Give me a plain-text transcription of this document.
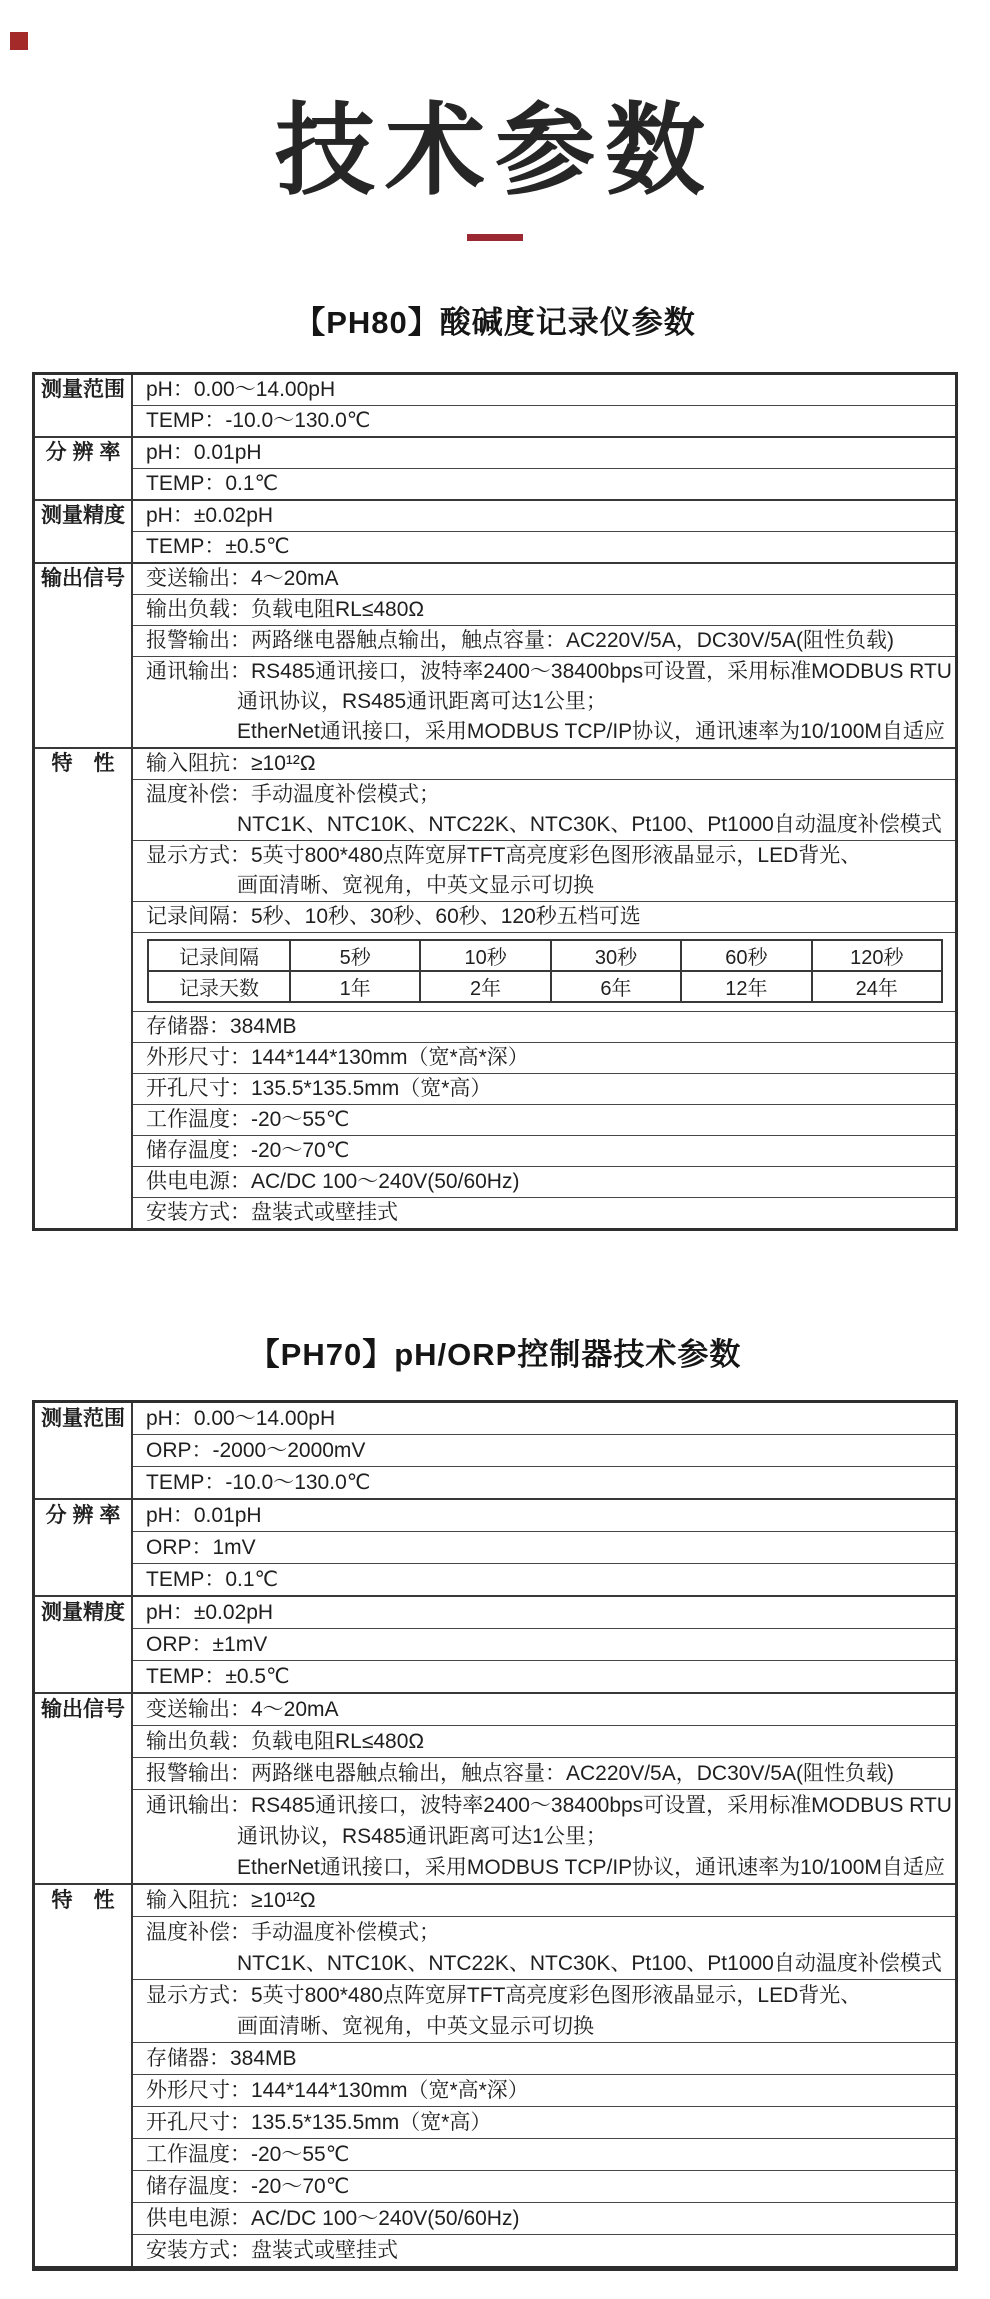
技术参数
【PH80】酸碱度记录仪参数
测量范围	pH：0.00～14.00pH
TEMP：-10.0～130.0℃
分 辨 率	pH：0.01pH
TEMP：0.1℃
测量精度	pH：±0.02pH
TEMP：±0.5℃
输出信号	变送输出：4～20mA
输出负载：负载电阻RL≤480Ω
报警输出：两路继电器触点输出，触点容量：AC220V/5A，DC30V/5A(阻性负载)
通讯输出：RS485通讯接口，波特率2400～38400bps可设置，采用标准MODBUS RTU
通讯协议，RS485通讯距离可达1公里；
EtherNet通讯接口，采用MODBUS TCP/IP协议，通讯速率为10/100M自适应
特　性	输入阻抗：≥10¹²Ω
温度补偿：手动温度补偿模式；
NTC1K、NTC10K、NTC22K、NTC30K、Pt100、Pt1000自动温度补偿模式
显示方式：5英寸800*480点阵宽屏TFT高亮度彩色图形液晶显示，LED背光、
画面清晰、宽视角，中英文显示可切换
记录间隔：5秒、10秒、30秒、60秒、120秒五档可选
记录间隔	5秒	10秒	30秒	60秒	120秒
记录天数	1年	2年	6年	12年	24年
存储器：384MB
外形尺寸：144*144*130mm（宽*高*深）
开孔尺寸：135.5*135.5mm（宽*高）
工作温度：-20～55℃
储存温度：-20～70℃
供电电源：AC/DC 100～240V(50/60Hz)
安装方式：盘装式或壁挂式
【PH70】pH/ORP控制器技术参数
测量范围	pH：0.00～14.00pH
ORP：-2000～2000mV
TEMP：-10.0～130.0℃
分 辨 率	pH：0.01pH
ORP：1mV
TEMP：0.1℃
测量精度	pH：±0.02pH
ORP：±1mV
TEMP：±0.5℃
输出信号	变送输出：4～20mA
输出负载：负载电阻RL≤480Ω
报警输出：两路继电器触点输出，触点容量：AC220V/5A，DC30V/5A(阻性负载)
通讯输出：RS485通讯接口，波特率2400～38400bps可设置，采用标准MODBUS RTU
通讯协议，RS485通讯距离可达1公里；
EtherNet通讯接口，采用MODBUS TCP/IP协议，通讯速率为10/100M自适应
特　性	输入阻抗：≥10¹²Ω
温度补偿：手动温度补偿模式；
NTC1K、NTC10K、NTC22K、NTC30K、Pt100、Pt1000自动温度补偿模式
显示方式：5英寸800*480点阵宽屏TFT高亮度彩色图形液晶显示，LED背光、
画面清晰、宽视角，中英文显示可切换
存储器：384MB
外形尺寸：144*144*130mm（宽*高*深）
开孔尺寸：135.5*135.5mm（宽*高）
工作温度：-20～55℃
储存温度：-20～70℃
供电电源：AC/DC 100～240V(50/60Hz)
安装方式：盘装式或壁挂式
